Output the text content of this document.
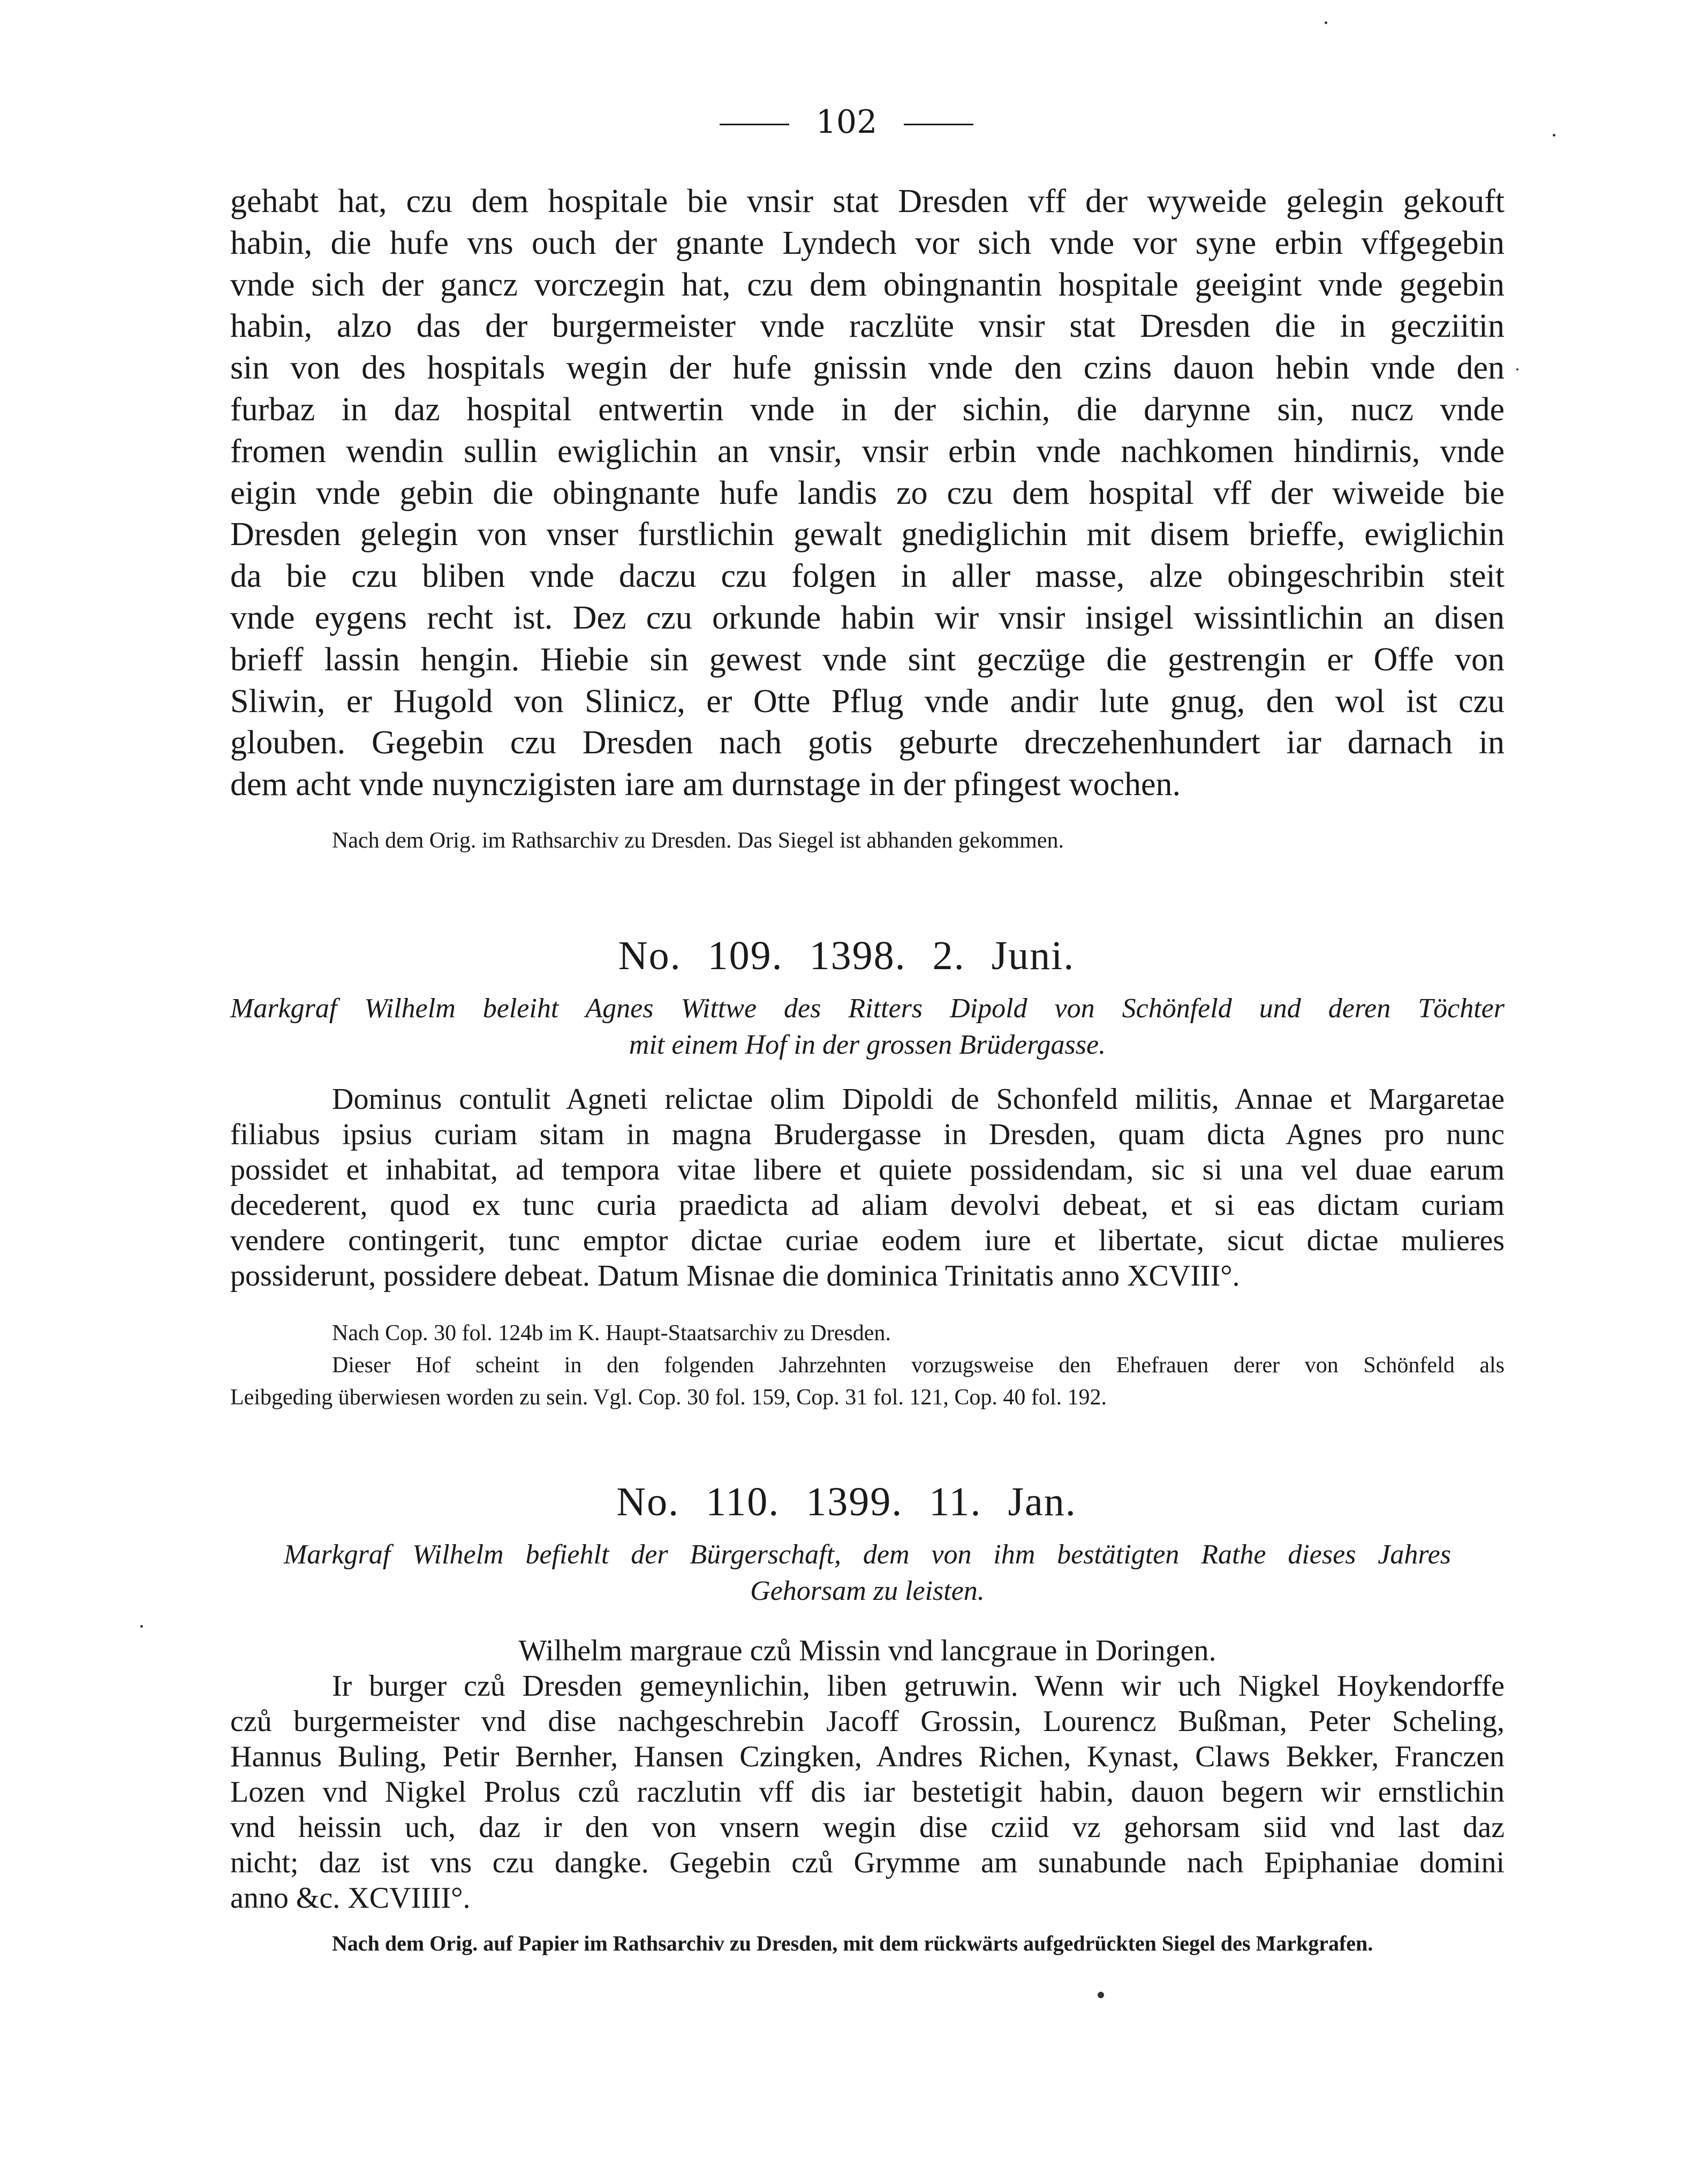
102
gehabt hat, czu dem hospitale bie vnsir stat Dresden vff der wyweide gelegin gekouft
habin, die hufe vns ouch der gnante Lyndech vor sich vnde vor syne erbin vffgegebin
vnde sich der gancz vorczegin hat, czu dem obingnantin hospitale geeigint vnde gegebin
habin, alzo das der burgermeister vnde raczlüte vnsir stat Dresden die in gecziitin
sin von des hospitals wegin der hufe gnissin vnde den czins dauon hebin vnde den
furbaz in daz hospital entwertin vnde in der sichin, die darynne sin, nucz vnde
fromen wendin sullin ewiglichin an vnsir, vnsir erbin vnde nachkomen hindirnis, vnde
eigin vnde gebin die obingnante hufe landis zo czu dem hospital vff der wiweide bie
Dresden gelegin von vnser furstlichin gewalt gnediglichin mit disem brieffe, ewiglichin
da bie czu bliben vnde daczu czu folgen in aller masse, alze obingeschribin steit
vnde eygens recht ist. Dez czu orkunde habin wir vnsir insigel wissintlichin an disen
brieff lassin hengin. Hiebie sin gewest vnde sint geczüge die gestrengin er Offe von
Sliwin, er Hugold von Slinicz, er Otte Pflug vnde andir lute gnug, den wol ist czu
glouben. Gegebin czu Dresden nach gotis geburte dreczehenhundert iar darnach in
dem acht vnde nuynczigisten iare am durnstage in der pfingest wochen.

Nach dem Orig. im Rathsarchiv zu Dresden. Das Siegel ist abhanden gekommen.

No. 109. 1398. 2. Juni.
Markgraf Wilhelm beleiht Agnes Wittwe des Ritters Dipold von Schönfeld und deren Töchter
mit einem Hof in der grossen Brüdergasse.
Dominus contulit Agneti relictae olim Dipoldi de Schonfeld militis, Annae et Margaretae
filiabus ipsius curiam sitam in magna Brudergasse in Dresden, quam dicta Agnes pro nunc
possidet et inhabitat, ad tempora vitae libere et quiete possidendam, sic si una vel duae earum
decederent, quod ex tunc curia praedicta ad aliam devolvi debeat, et si eas dictam curiam
vendere contingerit, tunc emptor dictae curiae eodem iure et libertate, sicut dictae mulieres
possiderunt, possidere debeat. Datum Misnae die dominica Trinitatis anno XCVIII°.

Nach Cop. 30 fol. 124b im K. Haupt-Staatsarchiv zu Dresden.

Dieser Hof scheint in den folgenden Jahrzehnten vorzugsweise den Ehefrauen derer von Schönfeld als
Leibgeding überwiesen worden zu sein. Vgl. Cop. 30 fol. 159, Cop. 31 fol. 121, Cop. 40 fol. 192.

No. 110. 1399. 11. Jan.
Markgraf Wilhelm befiehlt der Bürgerschaft, dem von ihm bestätigten Rathe dieses Jahres
Gehorsam zu leisten.
Wilhelm margraue czů Missin vnd lancgraue in Doringen.
Ir burger czů Dresden gemeynlichin, liben getruwin. Wenn wir uch Nigkel Hoykendorffe
czů burgermeister vnd dise nachgeschrebin Jacoff Grossin, Lourencz Bußman, Peter Scheling,
Hannus Buling, Petir Bernher, Hansen Czingken, Andres Richen, Kynast, Claws Bekker, Franczen
Lozen vnd Nigkel Prolus czů raczlutin vff dis iar bestetigit habin, dauon begern wir ernstlichin
vnd heissin uch, daz ir den von vnsern wegin dise cziid vz gehorsam siid vnd last daz
nicht; daz ist vns czu dangke. Gegebin czů Grymme am sunabunde nach Epiphaniae domini
anno &c. XCVIIII°.

Nach dem Orig. auf Papier im Rathsarchiv zu Dresden, mit dem rückwärts aufgedrückten Siegel des Markgrafen.
